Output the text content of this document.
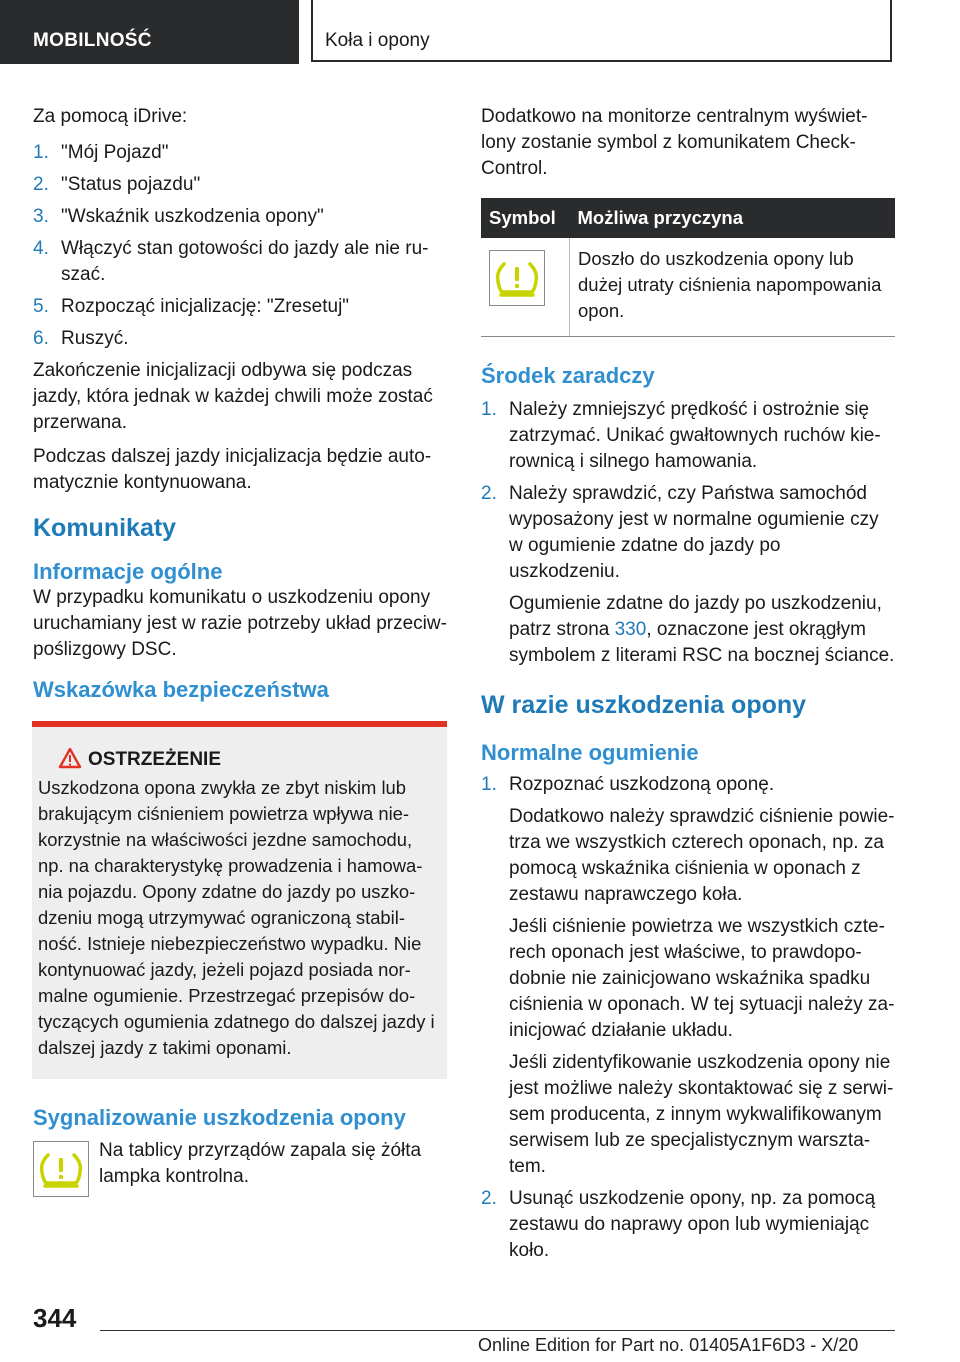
MOBILNOŚĆ	Koła i opony

Za pomocą iDrive:

1. "Mój Pojazd"
2. "Status pojazdu"
3. "Wskaźnik uszkodzenia opony"
4. Włączyć stan gotowości do jazdy ale nie ru‐ szać.
5. Rozpocząć inicjalizację: "Zresetuj"
6. Ruszyć.

Zakończenie inicjalizacji odbywa się podczas jazdy, która jednak w każdej chwili może zostać przerwana.

Podczas dalszej jazdy inicjalizacja będzie auto‐ matycznie kontynuowana.

Komunikaty
Informacje ogólne

W przypadku komunikatu o uszkodzeniu opony uruchamiany jest w razie potrzeby układ przeciw‐ poślizgowy DSC.

Wskazówka bezpieczeństwa
OSTRZEŻENIE

Uszkodzona opona zwykła ze zbyt niskim lub brakującym ciśnieniem powietrza wpływa nie‐ korzystnie na właściwości jezdne samochodu, np. na charakterystykę prowadzenia i hamowa‐ nia pojazdu. Opony zdatne do jazdy po uszko‐ dzeniu mogą utrzymywać ograniczoną stabil‐ ność. Istnieje niebezpieczeństwo wypadku. Nie kontynuować jazdy, jeżeli pojazd posiada nor‐ malne ogumienie. Przestrzegać przepisów do‐ tyczących ogumienia zdatnego do dalszej jazdy i dalszej jazdy z takimi oponami.

Sygnalizowanie uszkodzenia opony

Na tablicy przyrządów zapala się żółta lampka kontrolna.

Dodatkowo na monitorze centralnym wyświet‐ lony zostanie symbol z komunikatem Check- Control.

Symbol	Możliwa przyczyna
	Doszło do uszkodzenia opony lub dużej utraty ciśnienia napompowania opon.
Środek zaradczy
1. Należy zmniejszyć prędkość i ostrożnie się zatrzymać. Unikać gwałtownych ruchów kie‐ rownicą i silnego hamowania.
2. Należy sprawdzić, czy Państwa samochód wyposażony jest w normalne ogumienie czy w ogumienie zdatne do jazdy po uszkodzeniu.

Ogumienie zdatne do jazdy po uszkodzeniu, patrz strona 330, oznaczone jest okrągłym symbolem z literami RSC na bocznej ściance.

W razie uszkodzenia opony
Normalne ogumienie
1. Rozpoznać uszkodzoną oponę.

Dodatkowo należy sprawdzić ciśnienie powie‐ trza we wszystkich czterech oponach, np. za pomocą wskaźnika ciśnienia w oponach z zestawu naprawczego koła.

Jeśli ciśnienie powietrza we wszystkich czte‐ rech oponach jest właściwe, to prawdopo‐ dobnie nie zainicjowano wskaźnika spadku ciśnienia w oponach. W tej sytuacji należy za‐ inicjować działanie układu.

Jeśli zidentyfikowanie uszkodzenia opony nie jest możliwe należy skontaktować się z serwi‐ sem producenta, z innym wykwalifikowanym serwisem lub ze specjalistycznym warszta‐ tem.

2. Usunąć uszkodzenie opony, np. za pomocą zestawu do naprawy opon lub wymieniając koło.
344
Online Edition for Part no. 01405A1F6D3 - X/20
